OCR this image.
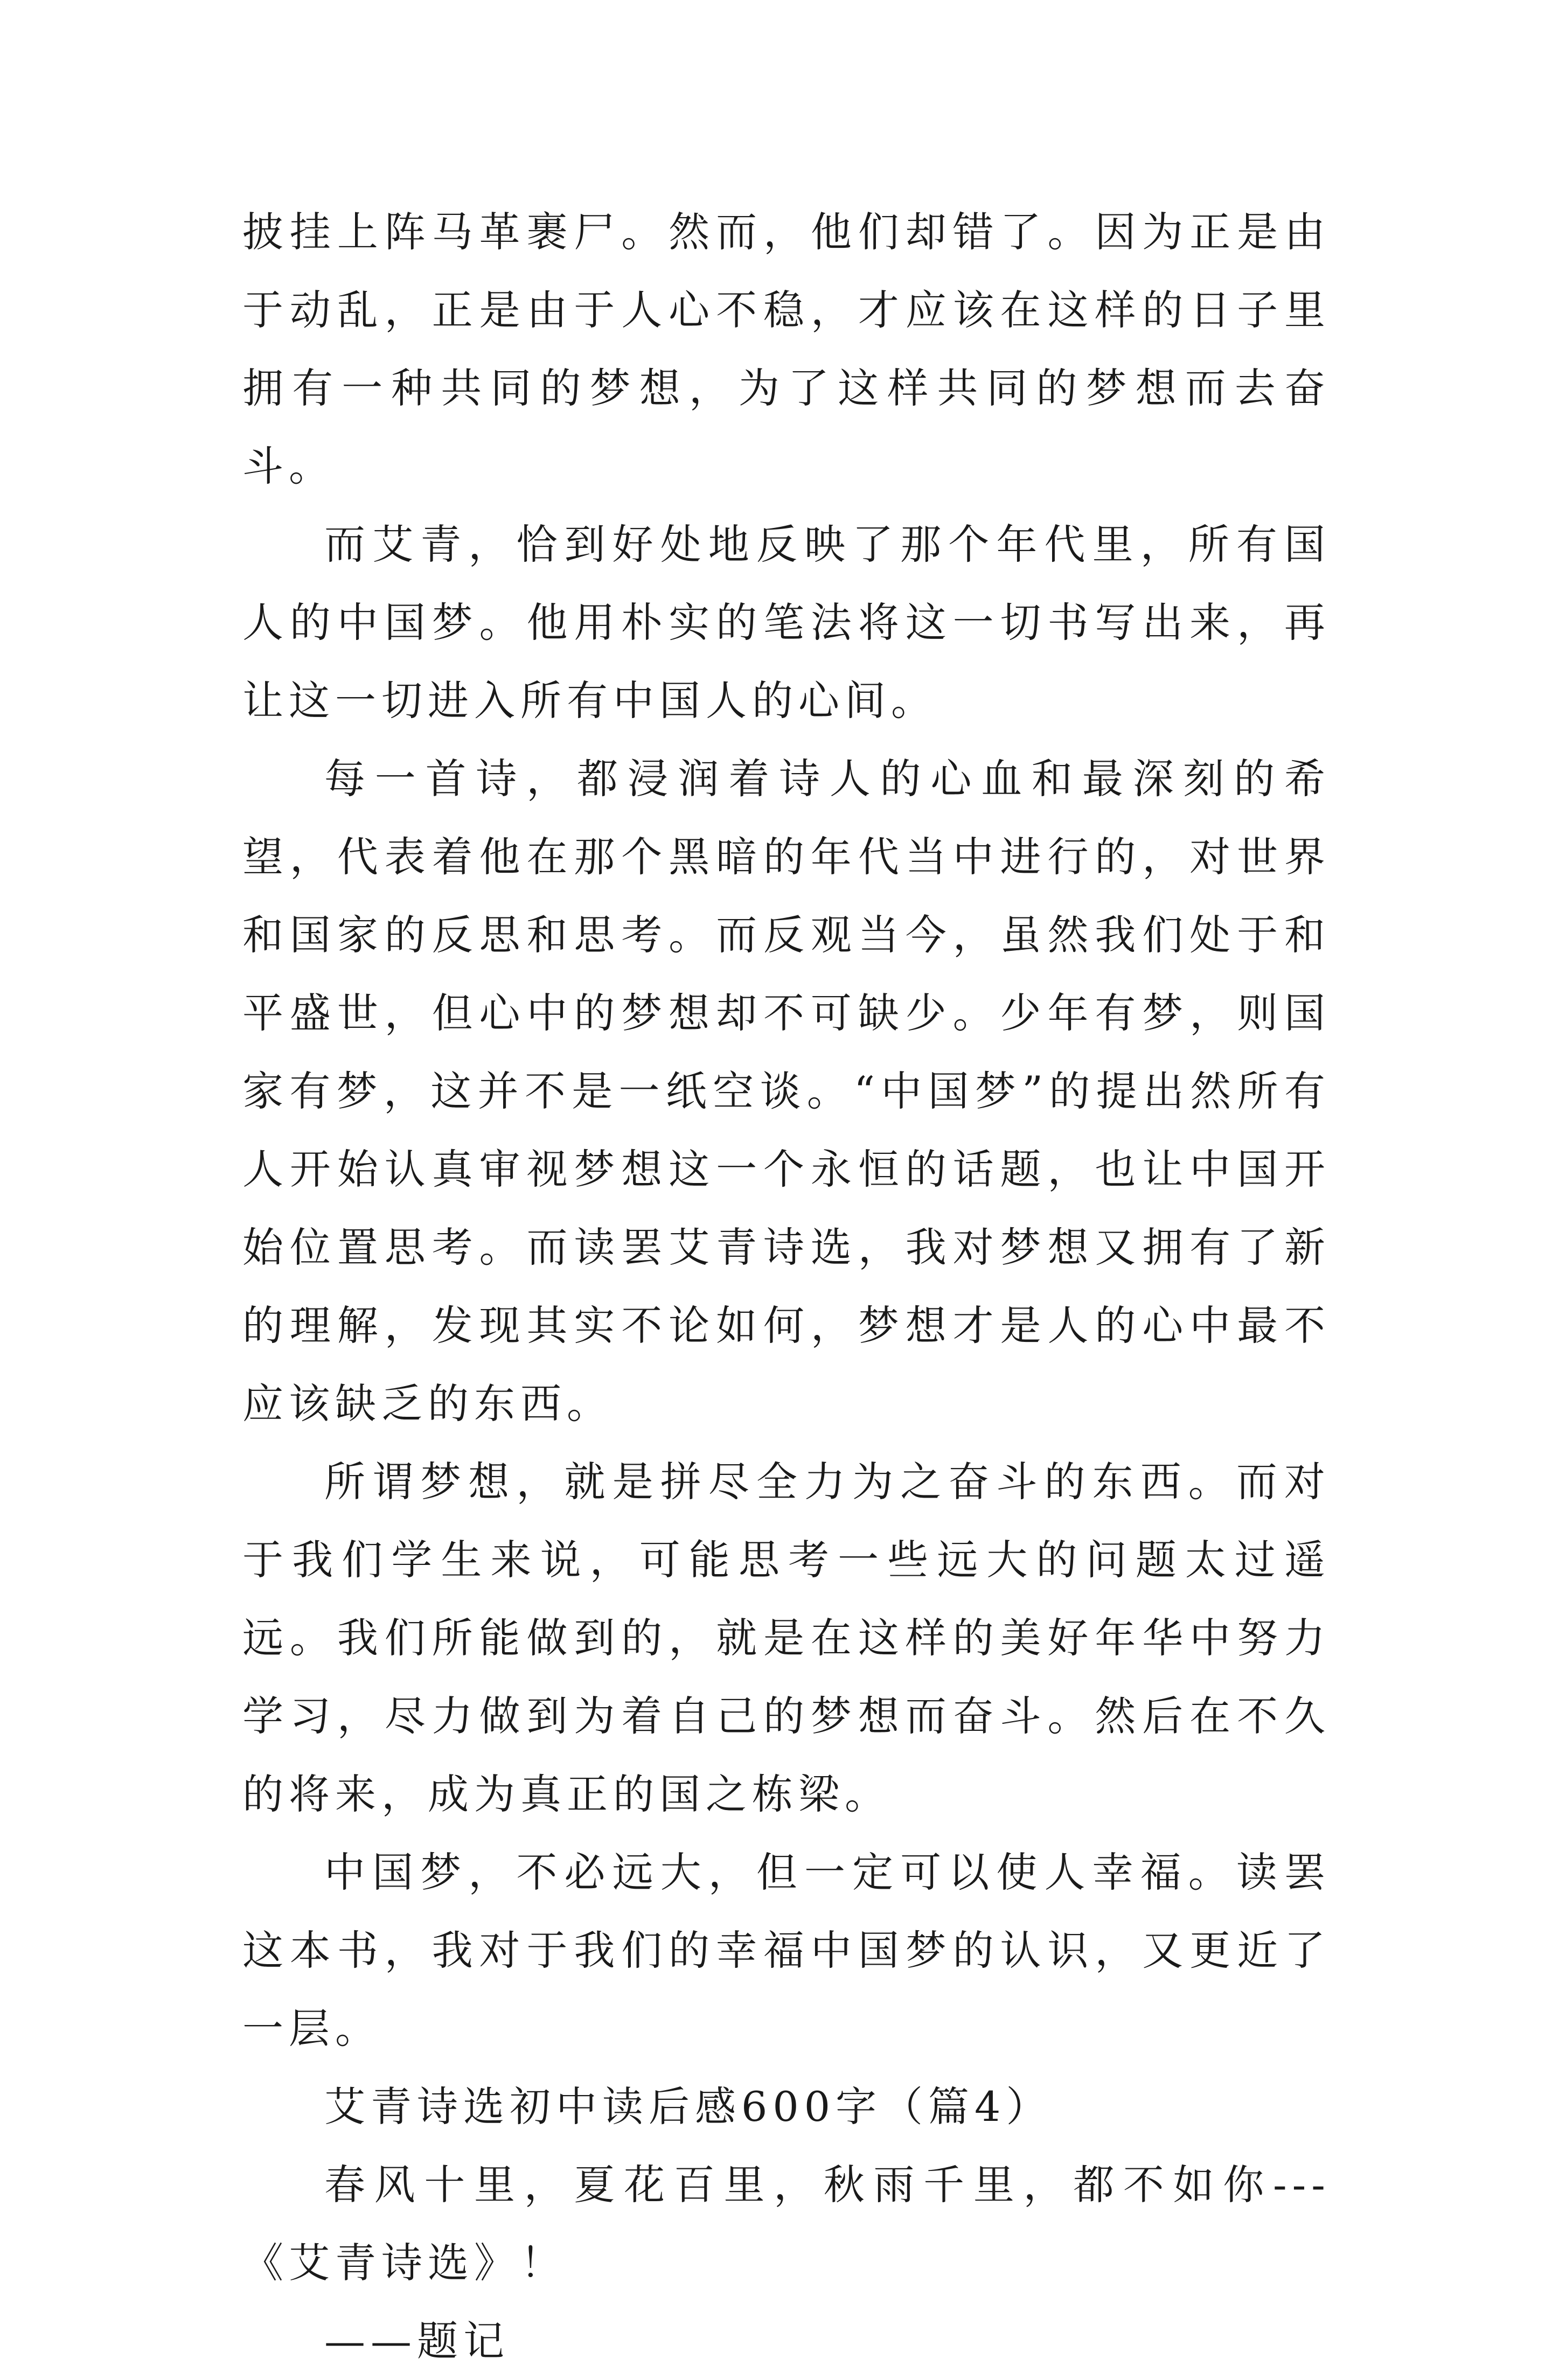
披挂上阵马革裹尸。然而，他们却错了。因为正是由于动乱，正是由于人心不稳，才应该在这样的日子里拥有一种共同的梦想，为了这样共同的梦想而去奋斗。

而艾青，恰到好处地反映了那个年代里，所有国人的中国梦。他用朴实的笔法将这一切书写出来，再让这一切进入所有中国人的心间。

每一首诗，都浸润着诗人的心血和最深刻的希望，代表着他在那个黑暗的年代当中进行的，对世界和国家的反思和思考。而反观当今，虽然我们处于和平盛世，但心中的梦想却不可缺少。少年有梦，则国家有梦，这并不是一纸空谈。“中国梦”的提出然所有人开始认真审视梦想这一个永恒的话题，也让中国开始位置思考。而读罢艾青诗选，我对梦想又拥有了新的理解，发现其实不论如何，梦想才是人的心中最不应该缺乏的东西。

所谓梦想，就是拼尽全力为之奋斗的东西。而对于我们学生来说，可能思考一些远大的问题太过遥远。我们所能做到的，就是在这样的美好年华中努力学习，尽力做到为着自己的梦想而奋斗。然后在不久的将来，成为真正的国之栋梁。

中国梦，不必远大，但一定可以使人幸福。读罢这本书，我对于我们的幸福中国梦的认识，又更近了一层。

艾青诗选初中读后感600字（篇4）

春风十里，夏花百里，秋雨千里，都不如你---《艾青诗选》！

——题记
